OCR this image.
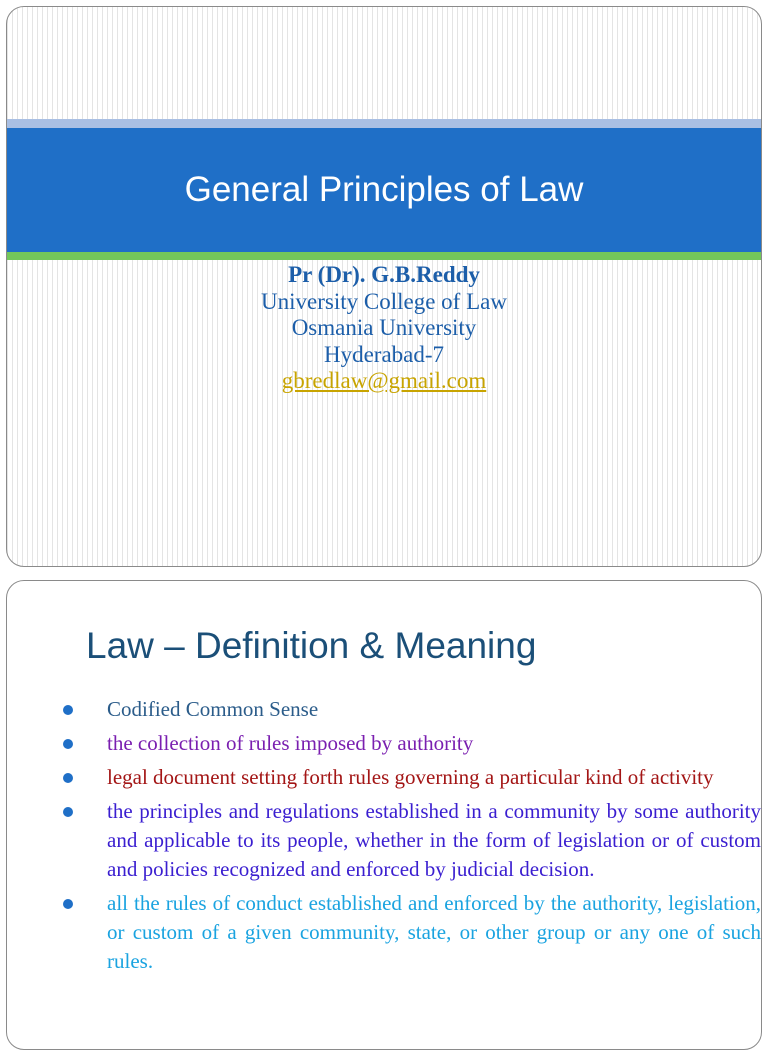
General Principles of Law
Pr (Dr). G.B.Reddy
University College of Law
Osmania University
Hyderabad-7
gbredlaw@gmail.com
Law – Definition & Meaning
Codified Common Sense
the collection of rules imposed by authority
legal document setting forth rules governing a particular kind of activity
the principles and regulations established in a community by some authority and applicable to its people, whether in the form of legislation or of custom and policies recognized and enforced by judicial decision.
all the rules of conduct established and enforced by the authority, legislation, or custom of a given community, state, or other group or any one of such rules.
